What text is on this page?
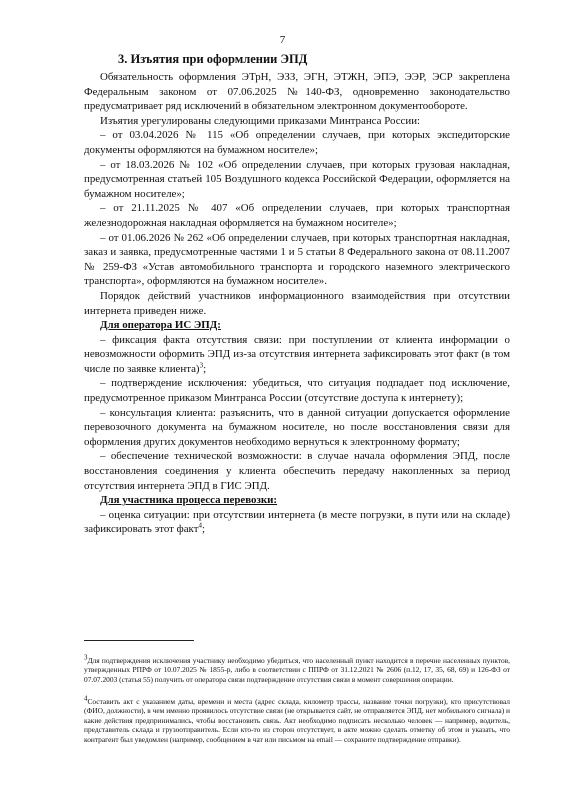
7
3. Изъятия при оформлении ЭПД

Обязательность оформления ЭТрН, ЭЗЗ, ЭГН, ЭТЖН, ЭПЭ, ЭЭР, ЭСР закреплена Федеральным законом от 07.06.2025 №140-ФЗ, одновременно законодательство предусматривает ряд исключений в обязательном электронном документообороте.

Изъятия урегулированы следующими приказами Минтранса России:

– от 03.04.2026 № 115 «Об определении случаев, при которых экспедиторские документы оформляются на бумажном носителе»;

– от 18.03.2026 № 102 «Об определении случаев, при которых грузовая накладная, предусмотренная статьей 105 Воздушного кодекса Российской Федерации, оформляется на бумажном носителе»;

– от 21.11.2025 № 407 «Об определении случаев, при которых транспортная железнодорожная накладная оформляется на бумажном носителе»;

– от 01.06.2026 № 262 «Об определении случаев, при которых транспортная накладная, заказ и заявка, предусмотренные частями 1 и 5 статьи 8 Федерального закона от 08.11.2007 № 259-ФЗ «Устав автомобильного транспорта и городского наземного электрического транспорта», оформляются на бумажном носителе».

Порядок действий участников информационного взаимодействия при отсутствии интернета приведен ниже.

Для оператора ИС ЭПД:

– фиксация факта отсутствия связи: при поступлении от клиента информации о невозможности оформить ЭПД из-за отсутствия интернета зафиксировать этот факт (в том числе по заявке клиента)$^3$;

– подтверждение исключения: убедиться, что ситуация подпадает под исключение, предусмотренное приказом Минтранса России (отсутствие доступа к интернету);

– консультация клиента: разъяснить, что в данной ситуации допускается оформление перевозочного документа на бумажном носителе, но после восстановления связи для оформления других документов необходимо вернуться к электронному формату;

– обеспечение технической возможности: в случае начала оформления ЭПД, после восстановления соединения у клиента обеспечить передачу накопленных за период отсутствия интернета ЭПД в ГИС ЭПД.

Для участника процесса перевозки:

– оценка ситуации: при отсутствии интернета (в месте погрузки, в пути или на складе) зафиксировать этот факт$^4$;

$^3$Для подтверждения исключения участнику необходимо убедиться, что населенный пункт находится в перечне населенных пунктов, утвержденных РПРФ от 10.07.2025 № 1855-р, либо в соответствии с ППРФ от 31.12.2021 № 2606 (п.12, 17, 35, 68, 69) и 126-ФЗ от 07.07.2003 (статья 55) получить от оператора связи подтверждение отсутствия связи в момент совершения операции.

$^4$Составить акт с указанием даты, времени и места (адрес склада, километр трассы, название точки погрузки), кто присутствовал (ФИО, должности), в чем именно проявилось отсутствие связи (не открывается сайт, не отправляется ЭПД, нет мобильного сигнала) и какие действия предпринимались, чтобы восстановить связь. Акт необходимо подписать несколько человек — например, водитель, представитель склада и грузоотправитель. Если кто-то из сторон отсутствует, в акте можно сделать отметку об этом и указать, что контрагент был уведомлен (например, сообщением в чат или письмом на email — сохраните подтверждение отправки).
